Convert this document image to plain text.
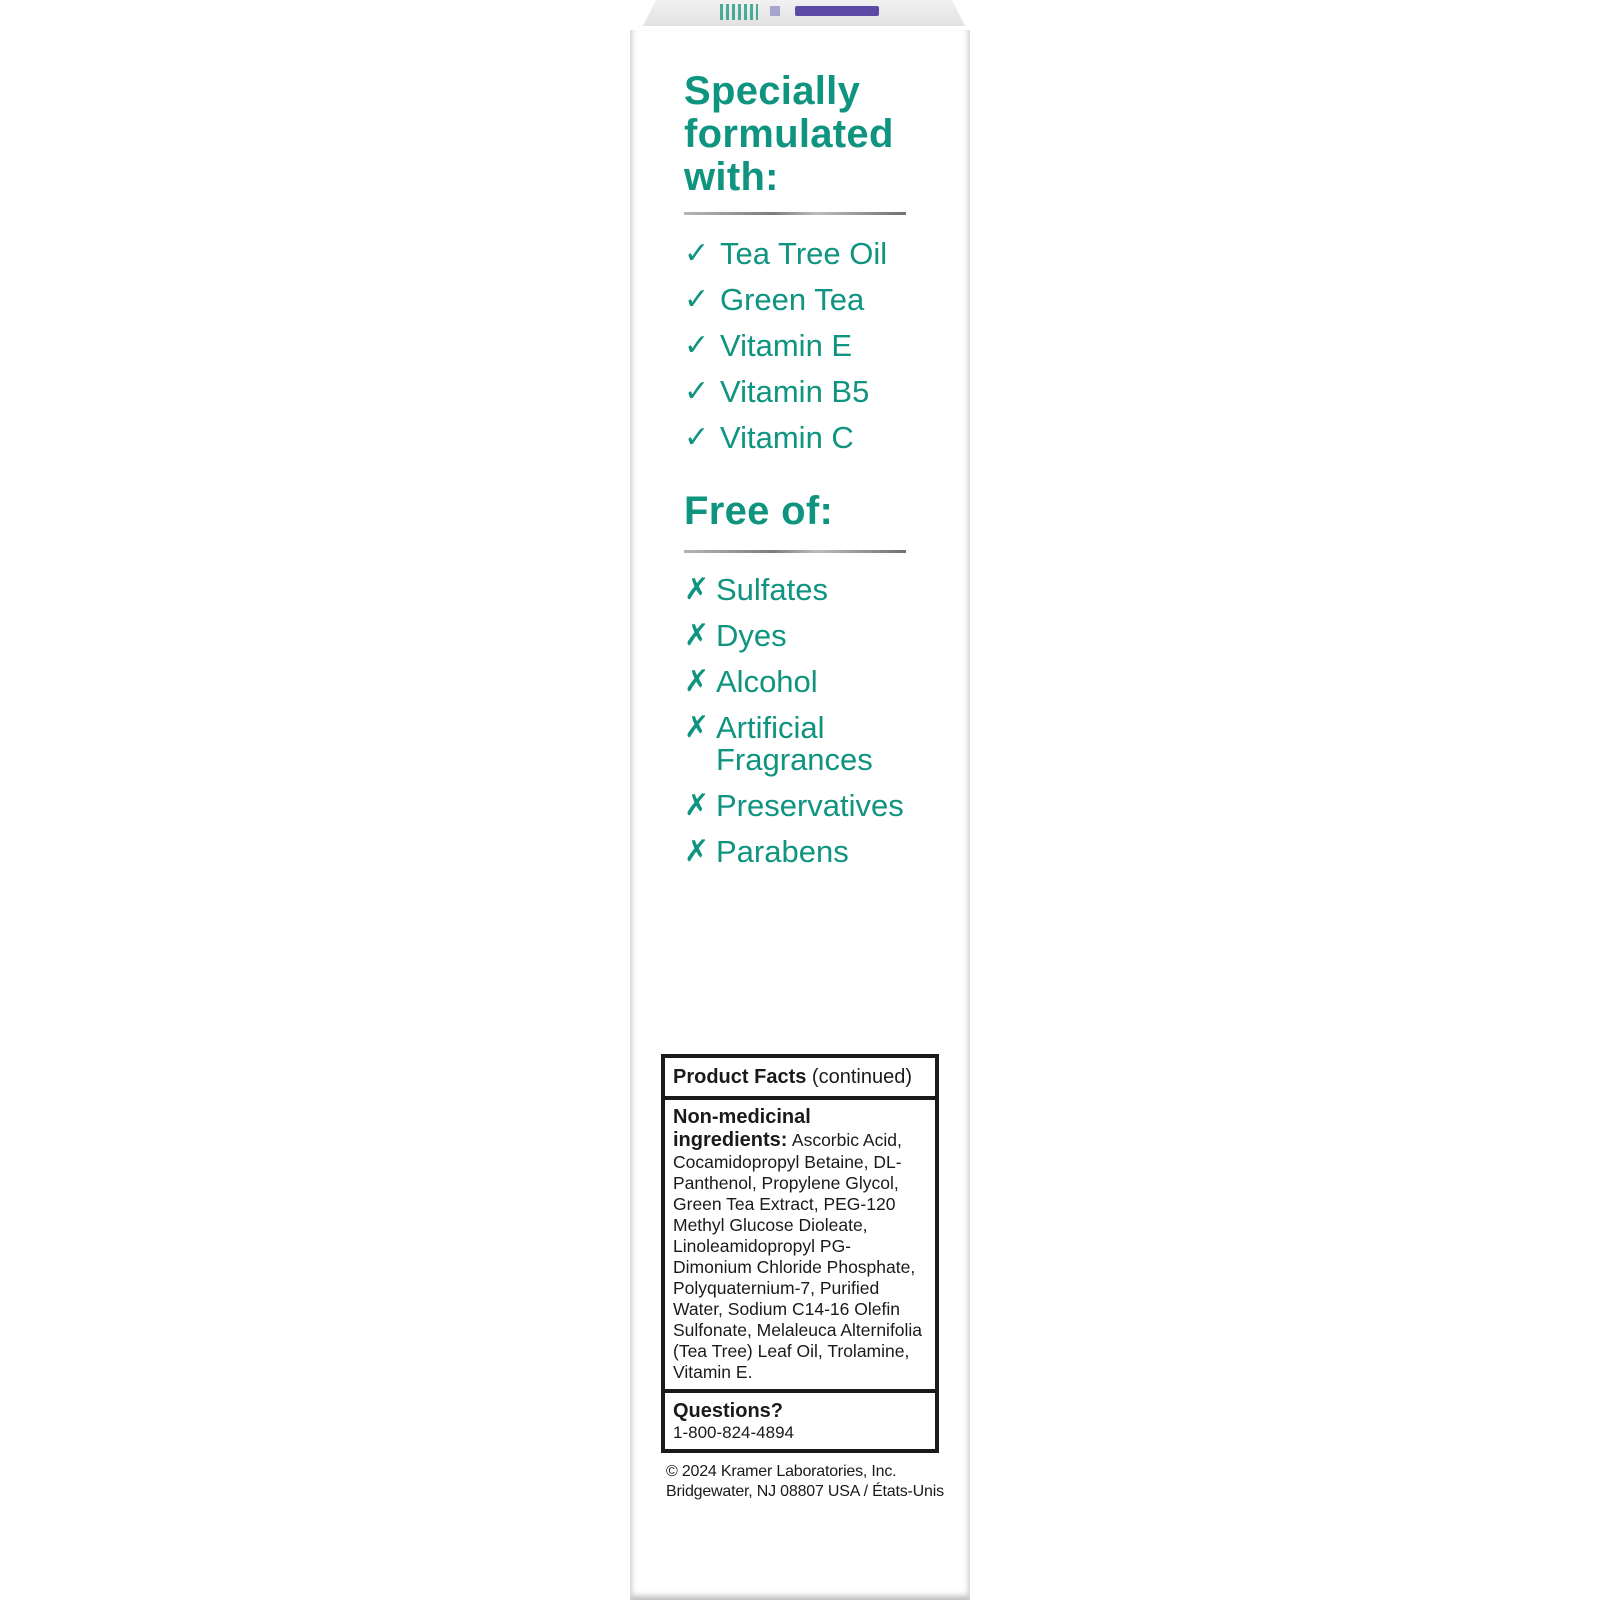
Specially formulated with:
✓ Tea Tree Oil
✓ Green Tea
✓ Vitamin E
✓ Vitamin B5
✓ Vitamin C
Free of:
✗ Sulfates
✗ Dyes
✗ Alcohol
✗ Artificial Fragrances
✗ Preservatives
✗ Parabens
Product Facts (continued)
Non-medicinal ingredients: Ascorbic Acid, Cocamidopropyl Betaine, DL-Panthenol, Propylene Glycol, Green Tea Extract, PEG-120 Methyl Glucose Dioleate, Linoleamidopropyl PG-Dimonium Chloride Phosphate, Polyquaternium-7, Purified Water, Sodium C14-16 Olefin Sulfonate, Melaleuca Alternifolia (Tea Tree) Leaf Oil, Trolamine, Vitamin E.
Questions?
1-800-824-4894
© 2024 Kramer Laboratories, Inc.
Bridgewater, NJ 08807 USA / États-Unis
